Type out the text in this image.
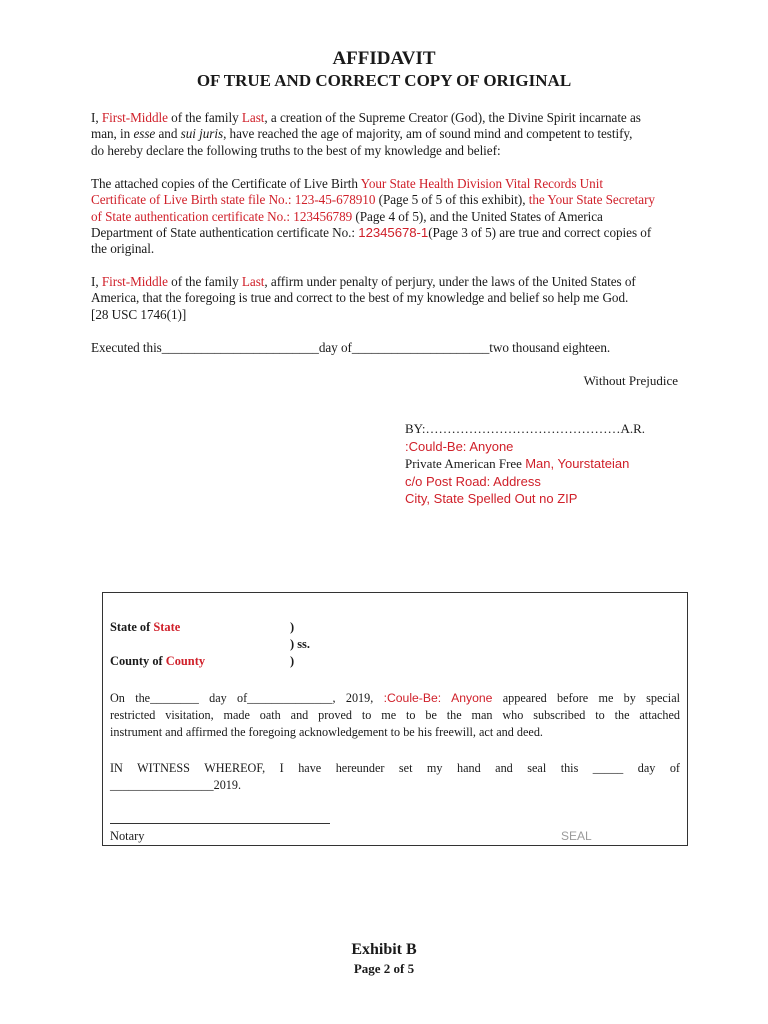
AFFIDAVIT
OF TRUE AND CORRECT COPY OF ORIGINAL

I, First-Middle of the family Last, a creation of the Supreme Creator (God), the Divine Spirit incarnate as
man, in esse and sui juris, have reached the age of majority, am of sound mind and competent to testify,
do hereby declare the following truths to the best of my knowledge and belief:

The attached copies of the Certificate of Live Birth Your State Health Division Vital Records Unit
Certificate of Live Birth state file No.: 123-45-678910 (Page 5 of 5 of this exhibit), the Your State Secretary
of State authentication certificate No.: 123456789 (Page 4 of 5), and the United States of America
Department of State authentication certificate No.: 12345678-1(Page 3 of 5) are true and correct copies of
the original.

I, First-Middle of the family Last, affirm under penalty of perjury, under the laws of the United States of
America, that the foregoing is true and correct to the best of my knowledge and belief so help me God.
[28 USC 1746(1)]

Executed this________________________day of_____________________two thousand eighteen.

Without Prejudice

BY:………………………………………A.R.
:Could-Be: Anyone
Private American Free Man, Yourstateian
c/o Post Road: Address
City, State Spelled Out no ZIP
State of State	)
) ss.
County of County	)

On the________ day of______________, 2019, :Coule-Be: Anyone appeared before me by special
restricted visitation, made oath and proved to me to be the man who subscribed to the attached
instrument and affirmed the foregoing acknowledgement to be his freewill, act and deed.

IN WITNESS WHEREOF, I have hereunder set my hand and seal this _____ day of
_________________2019.

Notary	SEAL

Exhibit B

Page 2 of 5
